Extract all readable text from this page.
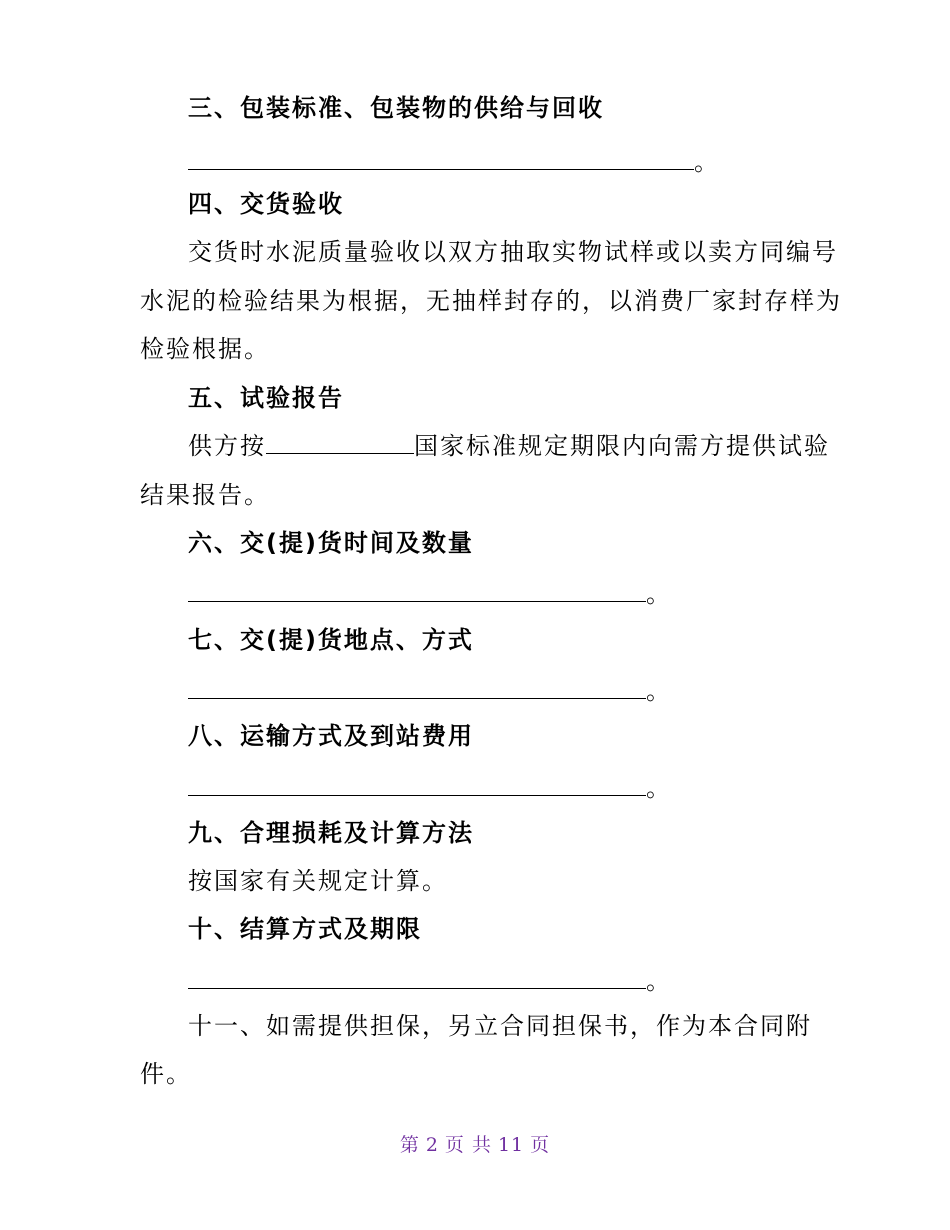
三、包装标准、包装物的供给与回收
。
四、交货验收
交货时水泥质量验收以双方抽取实物试样或以卖方同编号
水泥的检验结果为根据，无抽样封存的，以消费厂家封存样为
检验根据。
五、试验报告
供方按	国家标准规定期限内向需方提供试验
结果报告。
六、交(提)货时间及数量
。
七、交(提)货地点、方式
。
八、运输方式及到站费用
。
九、合理损耗及计算方法
按国家有关规定计算。
十、结算方式及期限
。
十一、如需提供担保，另立合同担保书，作为本合同附
件。
第 2 页 共 11 页
